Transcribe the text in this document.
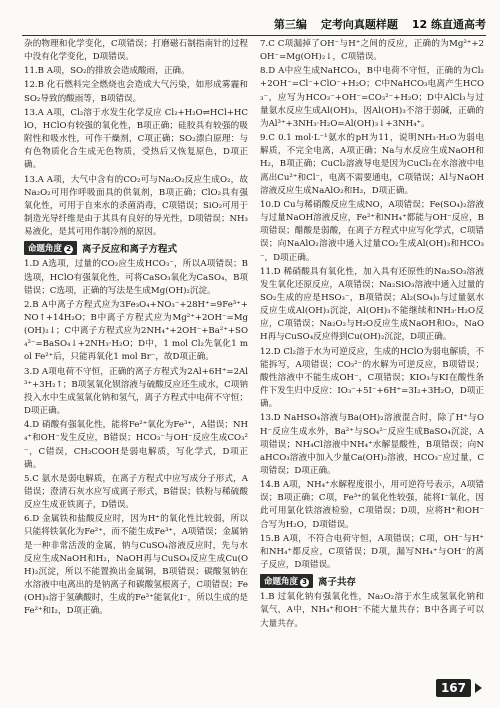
第三编 定考向真题样题 12 练直通高考

杂的物理和化学变化，C项错误；打磨磁石制指南针的过程中没有化学变化，D项错误。

11.B A项，SO₂的排放会造成酸雨，正确。

12.B 化石燃料完全燃烧也会造成大气污染，如形成雾霾和SO₂导致的酸雨等，B项错误。

13.A A项，Cl₂溶于水发生化学反应 Cl₂+H₂O⇌HCl+HClO，HClO有较强的氧化性，B项正确；硅胶具有较强的吸附性和吸水性，可作干燥剂，C项正确；SO₂漂白原理：与有色物质化合生成无色物质，受热后又恢复原色，D项正确。

13.A A项，大气中含有的CO₂可与Na₂O₂反应生成O₂，故Na₂O₂可用作呼吸面具的供氧剂，B项正确；ClO₂具有强氧化性，可用于自来水的杀菌消毒，C项错误；SiO₂可用于制造光导纤维是由于其具有良好的导光性，D项错误；NH₃易液化，是其可用作制冷剂的原因。

命题角度 2	离子反应和离子方程式

1.D A选项，过量的CO₂应生成HCO₃⁻，所以A项错误；B选项，HClO有强氧化性，可将CaSO₃氧化为CaSO₄，B项错误；C选项，正确的写法是生成Mg(OH)₂沉淀。

2.B A中离子方程式应为3Fe₃O₄+NO₃⁻+28H⁺=9Fe³⁺+NO↑+14H₂O；B中离子方程式应为Mg²⁺+2OH⁻=Mg(OH)₂↓；C中离子方程式应为2NH₄⁺+2OH⁻+Ba²⁺+SO₄²⁻=BaSO₄↓+2NH₃·H₂O；D中，1 mol Cl₂先氧化1 mol Fe²⁺后，只能再氧化1 mol Br⁻，故D项正确。

3.D A项电荷不守恒，正确的离子方程式为2Al+6H⁺=2Al³⁺+3H₂↑；B项氢氧化钡溶液与硫酸反应还生成水，C项钠投入水中生成氢氧化钠和氢气，离子方程式中电荷不守恒；D项正确。

4.D 硝酸有强氧化性，能将Fe²⁺氧化为Fe³⁺，A错误；NH₄⁺和OH⁻发生反应，B错误；HCO₃⁻与OH⁻反应生成CO₃²⁻，C错误，CH₃COOH是弱电解质，写化学式，D项正确。

5.C 氨水是弱电解质，在离子方程式中应写成分子形式，A错误；澄清石灰水应写成离子形式，B错误；铁粉与稀硫酸反应生成亚铁离子，D错误。

6.D 金属铁和盐酸反应时，因为H⁺的氧化性比较弱，所以只能将铁氧化为Fe²⁺，而不能生成Fe³⁺，A项错误；金属钠是一种非常活泼的金属，钠与CuSO₄溶液反应时，先与水反应生成NaOH和H₂，NaOH再与CuSO₄反应生成Cu(OH)₂沉淀，所以不能置换出金属铜，B项错误；碳酸氢钠在水溶液中电离出的是钠离子和碳酸氢根离子，C项错误；Fe(OH)₃溶于氢碘酸时，生成的Fe³⁺能氧化I⁻，所以生成的是Fe²⁺和I₂，D项正确。

7.C C项漏掉了OH⁻与H⁺之间的反应，正确的为Mg²⁺+2OH⁻=Mg(OH)₂↓，C项错误。

8.D A中应生成NaHCO₃，B中电荷不守恒，正确的为Cl₂+2OH⁻=Cl⁻+ClO⁻+H₂O；C中NaHCO₃电离产生HCO₃⁻，应写为HCO₃⁻+OH⁻=CO₃²⁻+H₂O；D中AlCl₃与过量氨水反应生成Al(OH)₃，因Al(OH)₃不溶于弱碱，正确的为Al³⁺+3NH₃·H₂O=Al(OH)₃↓+3NH₄⁺。

9.C 0.1 mol·L⁻¹氨水的pH为11，说明NH₃·H₂O为弱电解质，不完全电离，A项正确；Na与水反应生成NaOH和H₂，B项正确；CuCl₂溶液导电是因为CuCl₂在水溶液中电离出Cu²⁺和Cl⁻，电离不需要通电，C项错误；Al与NaOH溶液反应生成NaAlO₂和H₂，D项正确。

10.D Cu与稀硝酸反应生成NO，A项错误；Fe(SO₄)₂溶液与过量NaOH溶液反应，Fe²⁺和NH₄⁺都能与OH⁻反应，B项错误；醋酸是弱酸，在离子方程式中应写化学式，C项错误；向NaAlO₂溶液中通入过量CO₂生成Al(OH)₃和HCO₃⁻，D项正确。

11.D 稀硝酸具有氧化性，加入具有还原性的Na₂SO₃溶液发生氧化还原反应，A项错误；Na₂SiO₃溶液中通入过量的SO₂生成的应是HSO₃⁻，B项错误；Al₂(SO₄)₃与过量氨水反应生成Al(OH)₃沉淀，Al(OH)₃不能继续和NH₃·H₂O反应，C项错误；Na₂O₂与H₂O反应生成NaOH和O₂，NaOH再与CuSO₄反应得到Cu(OH)₂沉淀，D项正确。

12.D Cl₂溶于水为可逆反应，生成的HClO为弱电解质，不能拆写，A项错误；CO₃²⁻的水解为可逆反应，B项错误；酸性溶液中不能生成OH⁻，C项错误；KIO₃与KI在酸性条件下发生归中反应：IO₃⁻+5I⁻+6H⁺=3I₂+3H₂O，D项正确。

13.D NaHSO₄溶液与Ba(OH)₂溶液混合时，除了H⁺与OH⁻反应生成水外，Ba²⁺与SO₄²⁻反应生成BaSO₄沉淀，A项错误；NH₄Cl溶液中NH₄⁺水解显酸性，B项错误；向NaHCO₃溶液中加入少量Ca(OH)₂溶液，HCO₃⁻应过量，C项错误；D项正确。

14.B A项，NH₄⁺水解程度很小，用可逆符号表示，A项错误；B项正确；C项，Fe³⁺的氧化性较强，能将I⁻氧化，因此可用氯化铁溶液检验，C项错误；D项，应将H⁺和OH⁻合写为H₂O，D项错误。

15.B A项，不符合电荷守恒，A项错误；C项，OH⁻与H⁺和NH₄⁺都反应，C项错误；D项，漏写NH₄⁺与OH⁻的离子反应，D项错误。

命题角度 3	离子共存

1.B 过氧化钠有强氧化性，Na₂O₂溶于水生成氢氧化钠和氧气，A中，NH₄⁺和OH⁻不能大量共存；B中各离子可以大量共存。

167
